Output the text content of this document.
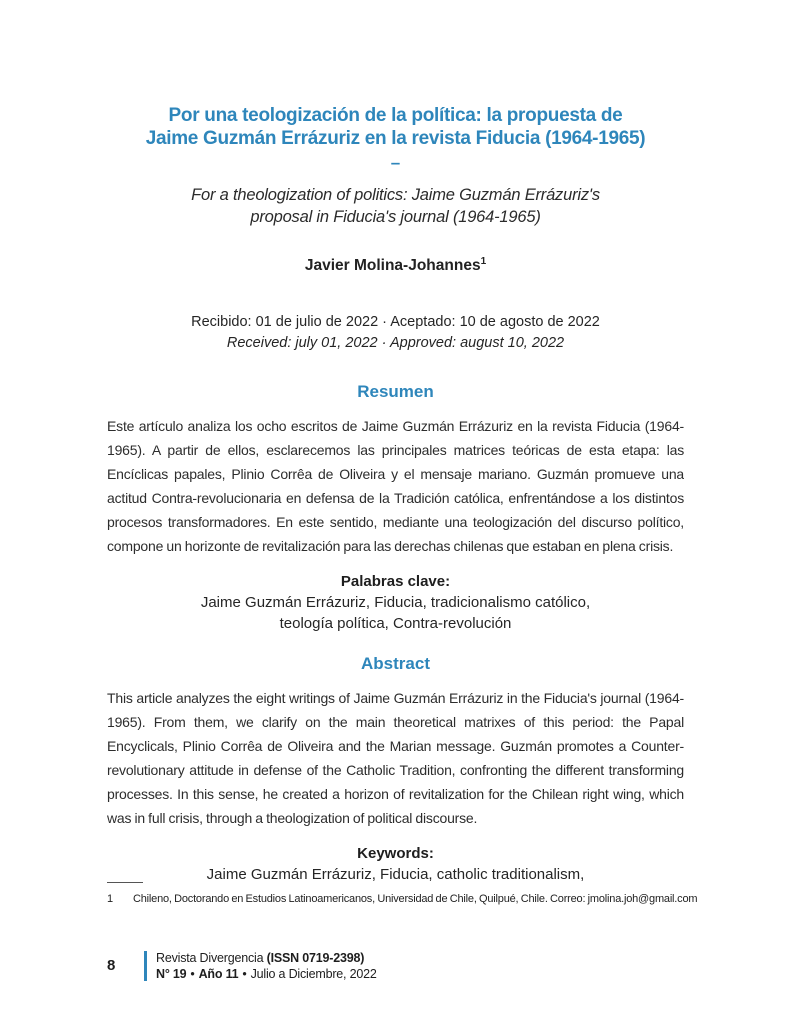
Por una teologización de la política: la propuesta de
Jaime Guzmán Errázuriz en la revista Fiducia (1964-1965)
–
For a theologization of politics: Jaime Guzmán Errázuriz's
proposal in Fiducia's journal (1964-1965)
Javier Molina-Johannes$^1$
Recibido: 01 de julio de 2022 · Aceptado: 10 de agosto de 2022
Received: july 01, 2022 · Approved: august 10, 2022
Resumen
Este artículo analiza los ocho escritos de Jaime Guzmán Errázuriz en la revista Fiducia (1964-1965). A partir de ellos, esclarecemos las principales matrices teóricas de esta etapa: las Encíclicas papales, Plinio Corrêa de Oliveira y el mensaje mariano. Guzmán promueve una actitud Contra-revolucionaria en defensa de la Tradición católica, enfrentándose a los distintos procesos transformadores. En este sentido, mediante una teologización del discurso político, compone un horizonte de revitalización para las derechas chilenas que estaban en plena crisis.
Palabras clave:
Jaime Guzmán Errázuriz, Fiducia, tradicionalismo católico,
teología política, Contra-revolución
Abstract
This article analyzes the eight writings of Jaime Guzmán Errázuriz in the Fiducia's journal (1964-1965). From them, we clarify on the main theoretical matrixes of this period: the Papal Encyclicals, Plinio Corrêa de Oliveira and the Marian message. Guzmán promotes a Counter-revolutionary attitude in defense of the Catholic Tradition, confronting the different transforming processes. In this sense, he created a horizon of revitalization for the Chilean right wing, which was in full crisis, through a theologization of political discourse.
Keywords:
Jaime Guzmán Errázuriz, Fiducia, catholic traditionalism,
1	Chileno, Doctorando en Estudios Latinoamericanos, Universidad de Chile, Quilpué, Chile. Correo: jmolina.joh@gmail.com
8	Revista Divergencia (ISSN 0719-2398)
N° 19 • Año 11 • Julio a Diciembre, 2022
